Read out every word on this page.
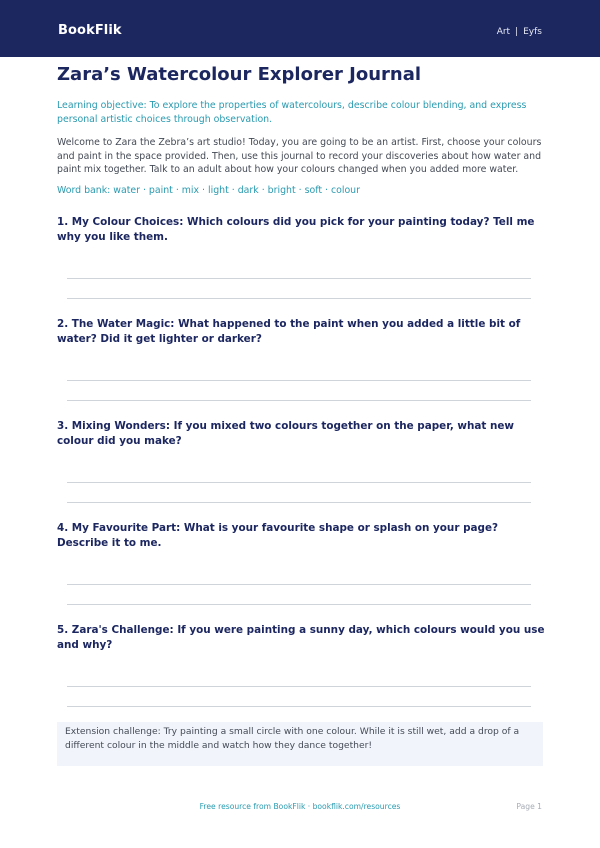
BookFlik	Art | Eyfs
Zara’s Watercolour Explorer Journal
Learning objective: To explore the properties of watercolours, describe colour blending, and express personal artistic choices through observation.
Welcome to Zara the Zebra’s art studio! Today, you are going to be an artist. First, choose your colours and paint in the space provided. Then, use this journal to record your discoveries about how water and paint mix together. Talk to an adult about how your colours changed when you added more water.
Word bank: water · paint · mix · light · dark · bright · soft · colour

1. My Colour Choices: Which colours did you pick for your painting today? Tell me why you like them.

2. The Water Magic: What happened to the paint when you added a little bit of water? Did it get lighter or darker?

3. Mixing Wonders: If you mixed two colours together on the paper, what new colour did you make?

4. My Favourite Part: What is your favourite shape or splash on your page? Describe it to me.

5. Zara's Challenge: If you were painting a sunny day, which colours would you use and why?

Extension challenge: Try painting a small circle with one colour. While it is still wet, add a drop of a different colour in the middle and watch how they dance together!

Free resource from BookFlik · bookflik.com/resources	Page 1
